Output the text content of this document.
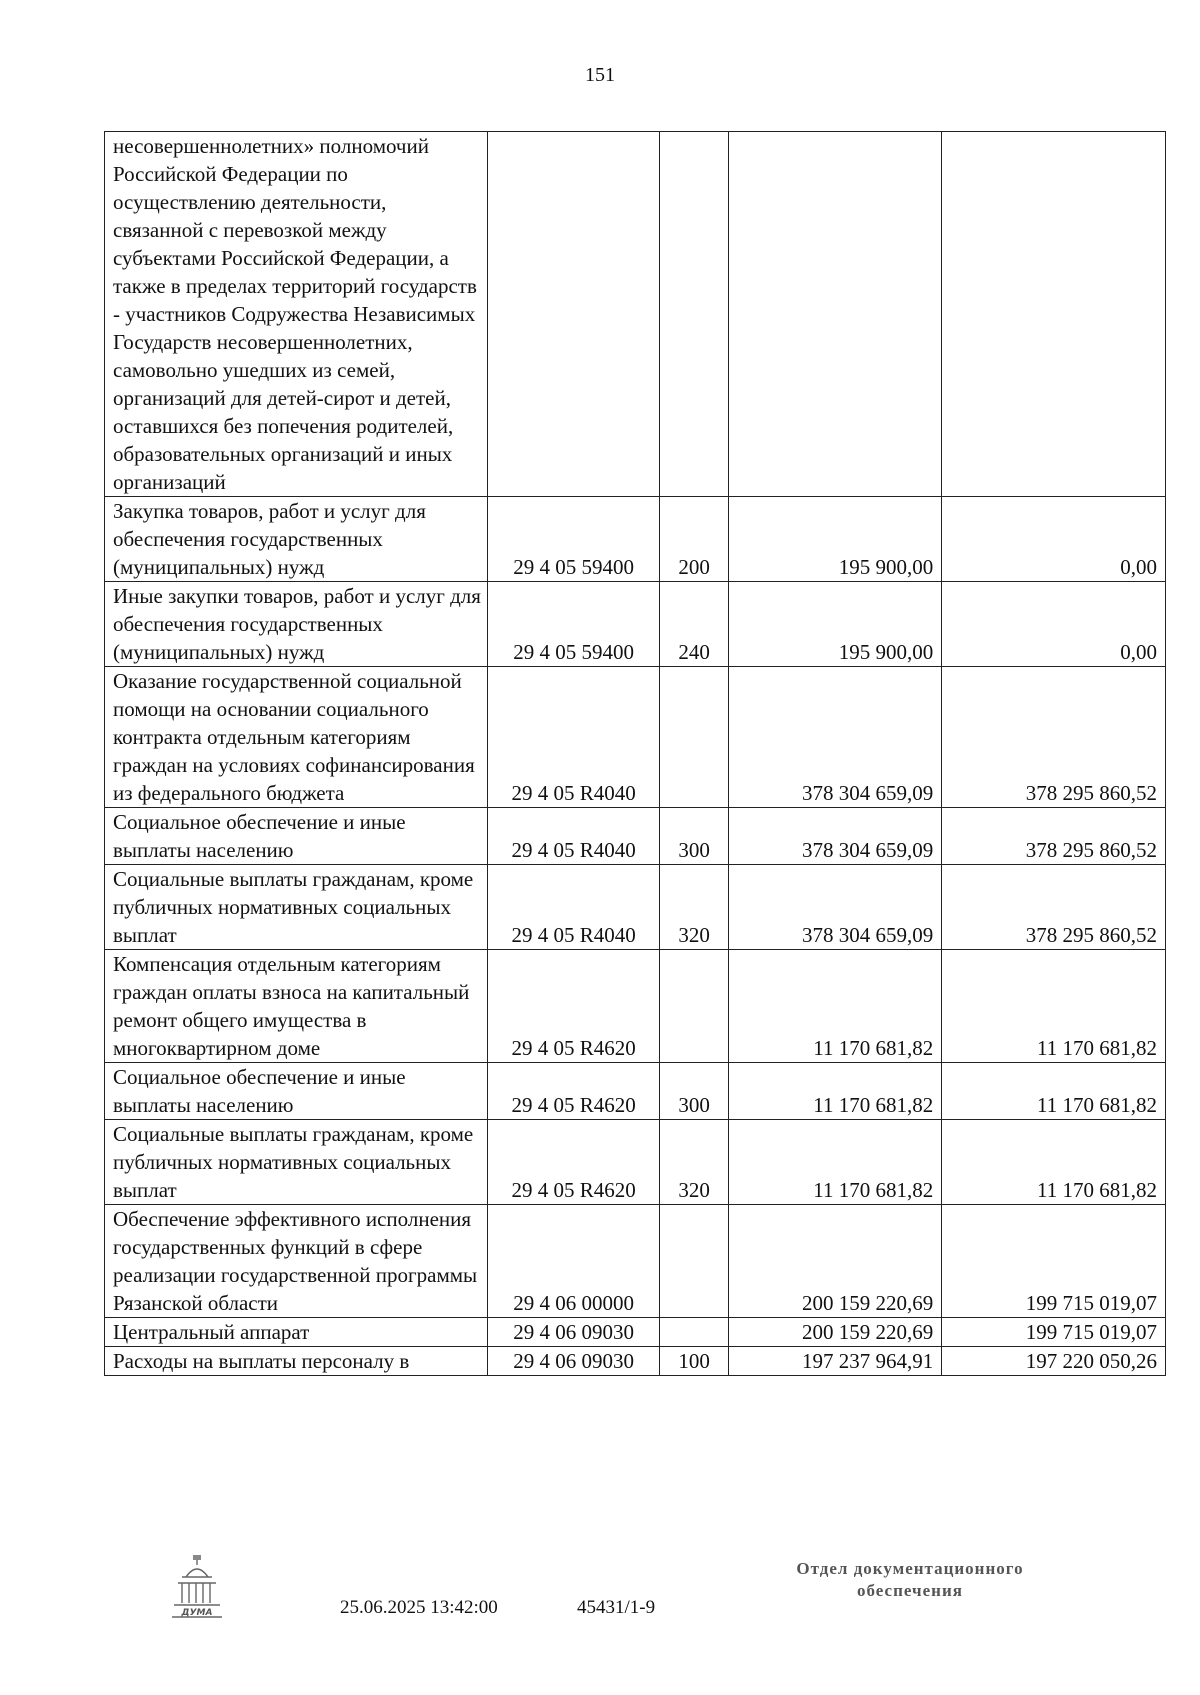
151
несовершеннолетних» полномочий Российской Федерации по осуществлению деятельности, связанной с перевозкой между субъектами Российской Федерации, а также в пределах территорий государств - участников Содружества Независимых Государств несовершеннолетних, самовольно ушедших из семей, организаций для детей-сирот и детей, оставшихся без попечения родителей, образовательных организаций и иных организаций				
Закупка товаров, работ и услуг для обеспечения государственных (муниципальных) нужд	29 4 05 59400	200	195 900,00	0,00
Иные закупки товаров, работ и услуг для обеспечения государственных (муниципальных) нужд	29 4 05 59400	240	195 900,00	0,00
Оказание государственной социальной помощи на основании социального контракта отдельным категориям граждан на условиях софинансирования из федерального бюджета	29 4 05 R4040		378 304 659,09	378 295 860,52
Социальное обеспечение и иные выплаты населению	29 4 05 R4040	300	378 304 659,09	378 295 860,52
Социальные выплаты гражданам, кроме публичных нормативных социальных выплат	29 4 05 R4040	320	378 304 659,09	378 295 860,52
Компенсация отдельным категориям граждан оплаты взноса на капитальный ремонт общего имущества в многоквартирном доме	29 4 05 R4620		11 170 681,82	11 170 681,82
Социальное обеспечение и иные выплаты населению	29 4 05 R4620	300	11 170 681,82	11 170 681,82
Социальные выплаты гражданам, кроме публичных нормативных социальных выплат	29 4 05 R4620	320	11 170 681,82	11 170 681,82
Обеспечение эффективного исполнения государственных функций в сфере реализации государственной программы Рязанской области	29 4 06 00000		200 159 220,69	199 715 019,07
Центральный аппарат	29 4 06 09030		200 159 220,69	199 715 019,07
Расходы на выплаты персоналу в	29 4 06 09030	100	197 237 964,91	197 220 050,26
ДУМА	25.06.2025 13:42:00	45431/1-9
Отдел документационного
обеспечения
